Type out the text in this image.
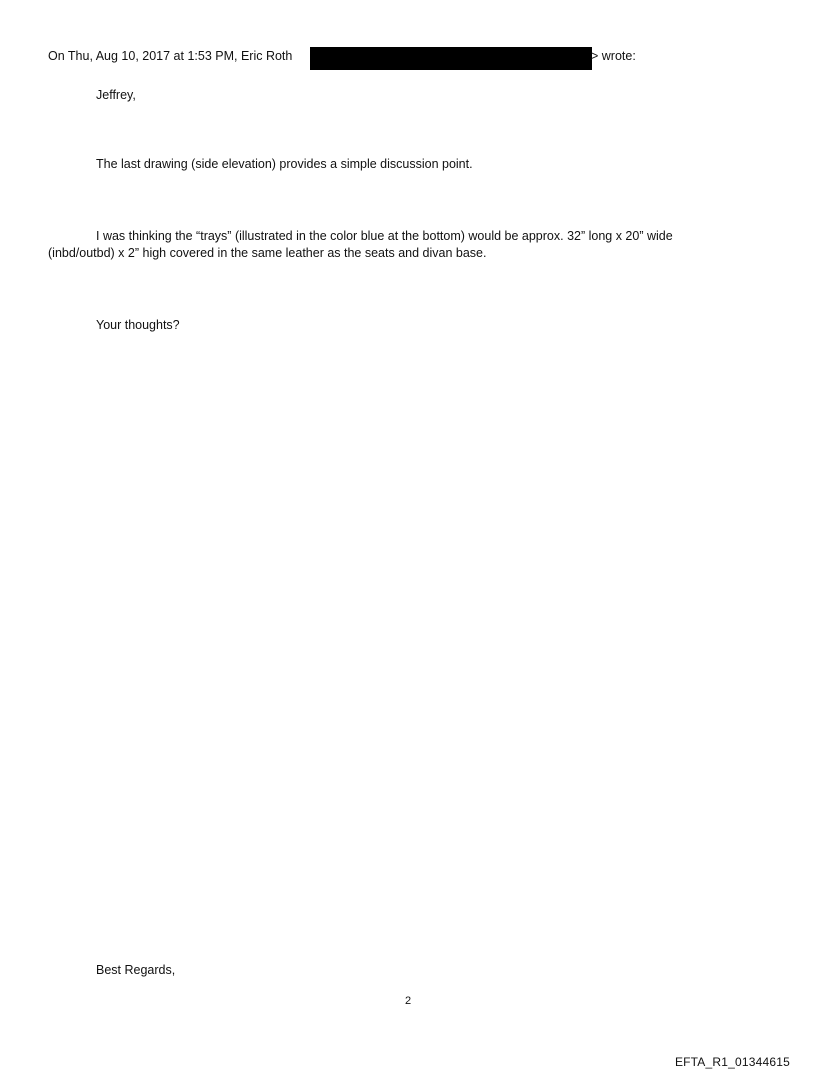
On Thu, Aug 10, 2017 at 1:53 PM, Eric Roth	> wrote:
Jeffrey,
The last drawing (side elevation) provides a simple discussion point.
I was thinking the “trays” (illustrated in the color blue at the bottom) would be approx. 32” long x 20” wide
(inbd/outbd) x 2” high covered in the same leather as the seats and divan base.
Your thoughts?
Best Regards,
2
EFTA_R1_01344615
